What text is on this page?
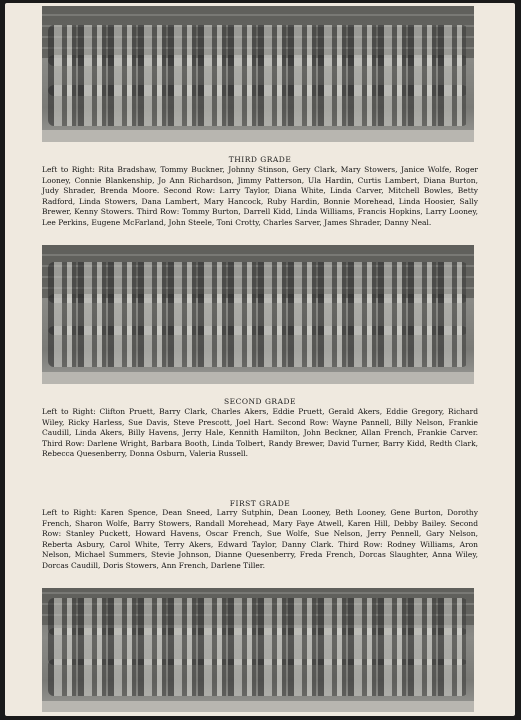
THIRD GRADE
Left to Right: Rita Bradshaw, Tommy Buckner, Johnny Stinson, Gery Clark, Mary Stowers, Janice Wolfe, Roger Looney, Connie Blankenship, Jo Ann Richardson, Jimmy Patterson, Ula Hardin, Curtis Lambert, Diana Burton, Judy Shrader, Brenda Moore. Second Row: Larry Taylor, Diana White, Linda Carver, Mitchell Bowles, Betty Radford, Linda Stowers, Dana Lambert, Mary Hancock, Ruby Hardin, Bonnie Morehead, Linda Hoosier, Sally Brewer, Kenny Stowers. Third Row: Tommy Burton, Darrell Kidd, Linda Williams, Francis Hopkins, Larry Looney, Lee Perkins, Eugene McFarland, John Steele, Toni Crotty, Charles Sarver, James Shrader, Danny Neal.
SECOND GRADE
Left to Right: Clifton Pruett, Barry Clark, Charles Akers, Eddie Pruett, Gerald Akers, Eddie Gregory, Richard Wiley, Ricky Harless, Sue Davis, Steve Prescott, Joel Hart. Second Row: Wayne Pannell, Billy Nelson, Frankie Caudill, Linda Akers, Billy Havens, Jerry Hale, Kennith Hamilton, John Beckner, Allan French, Frankie Carver. Third Row: Darlene Wright, Barbara Booth, Linda Tolbert, Randy Brewer, David Turner, Barry Kidd, Redth Clark, Rebecca Quesenberry, Donna Osburn, Valeria Russell.
FIRST GRADE
Left to Right: Karen Spence, Dean Sneed, Larry Sutphin, Dean Looney, Beth Looney, Gene Burton, Dorothy French, Sharon Wolfe, Barry Stowers, Randall Morehead, Mary Faye Atwell, Karen Hill, Debby Bailey. Second Row: Stanley Puckett, Howard Havens, Oscar French, Sue Wolfe, Sue Nelson, Jerry Pennell, Gary Nelson, Reberta Asbury, Carol White, Terry Akers, Edward Taylor, Danny Clark. Third Row: Rodney Williams, Aron Nelson, Michael Summers, Stevie Johnson, Dianne Quesenberry, Freda French, Dorcas Slaughter, Anna Wiley, Dorcas Caudill, Doris Stowers, Ann French, Darlene Tiller.
